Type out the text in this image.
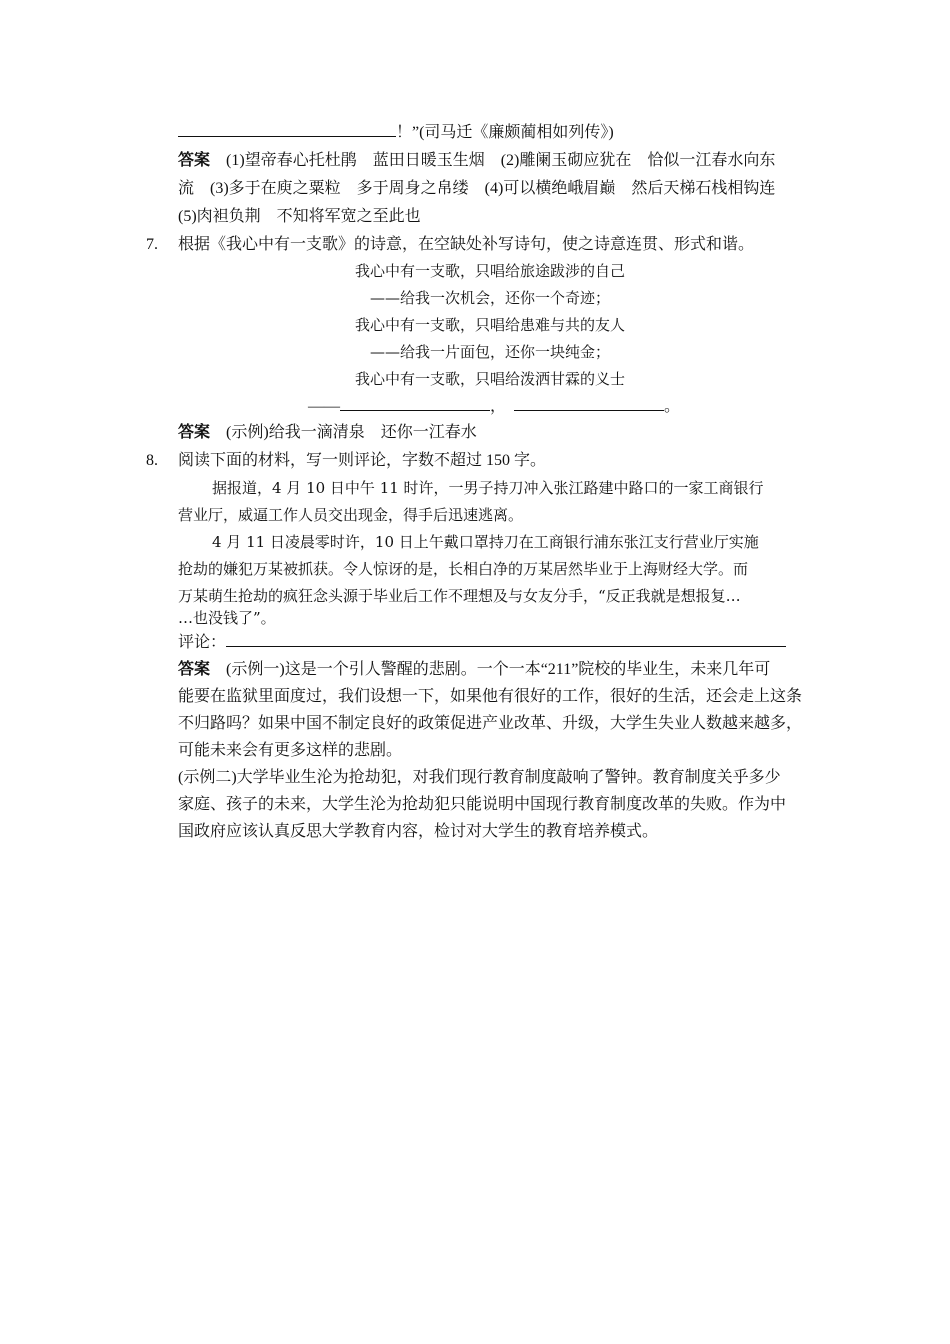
！”(司马迁《廉颇蔺相如列传》)
答案　 (1)望帝春心托杜鹃　蓝田日暖玉生烟　(2)雕阑玉砌应犹在　恰似一江春水向东
流　(3)多于在庾之粟粒　多于周身之帛缕　(4)可以横绝峨眉巅　然后天梯石栈相钩连
(5)肉袒负荆　不知将军宽之至此也
7. 根据《我心中有一支歌》的诗意，在空缺处补写诗句，使之诗意连贯、形式和谐。
我心中有一支歌，只唱给旅途跋涉的自己
——给我一次机会，还你一个奇迹；
我心中有一支歌，只唱给患难与共的友人
——给我一片面包，还你一块纯金；
我心中有一支歌，只唱给泼洒甘霖的义士
——	，	。
答案　 (示例)给我一滴清泉　还你一江春水
8. 阅读下面的材料，写一则评论，字数不超过 150 字。
据报道，4 月 10 日中午 11 时许，一男子持刀冲入张江路建中路口的一家工商银行
营业厅，威逼工作人员交出现金，得手后迅速逃离。
4 月 11 日凌晨零时许，10 日上午戴口罩持刀在工商银行浦东张江支行营业厅实施
抢劫的嫌犯万某被抓获。令人惊讶的是，长相白净的万某居然毕业于上海财经大学。而
万某萌生抢劫的疯狂念头源于毕业后工作不理想及与女友分手，“反正我就是想报复…
…也没钱了”。
评论：
答案　 (示例一)这是一个引人警醒的悲剧。一个一本“211”院校的毕业生，未来几年可
能要在监狱里面度过，我们设想一下，如果他有很好的工作，很好的生活，还会走上这条
不归路吗？如果中国不制定良好的政策促进产业改革、升级，大学生失业人数越来越多，
可能未来会有更多这样的悲剧。
(示例二)大学毕业生沦为抢劫犯，对我们现行教育制度敲响了警钟。教育制度关乎多少
家庭、孩子的未来，大学生沦为抢劫犯只能说明中国现行教育制度改革的失败。作为中
国政府应该认真反思大学教育内容，检讨对大学生的教育培养模式。
